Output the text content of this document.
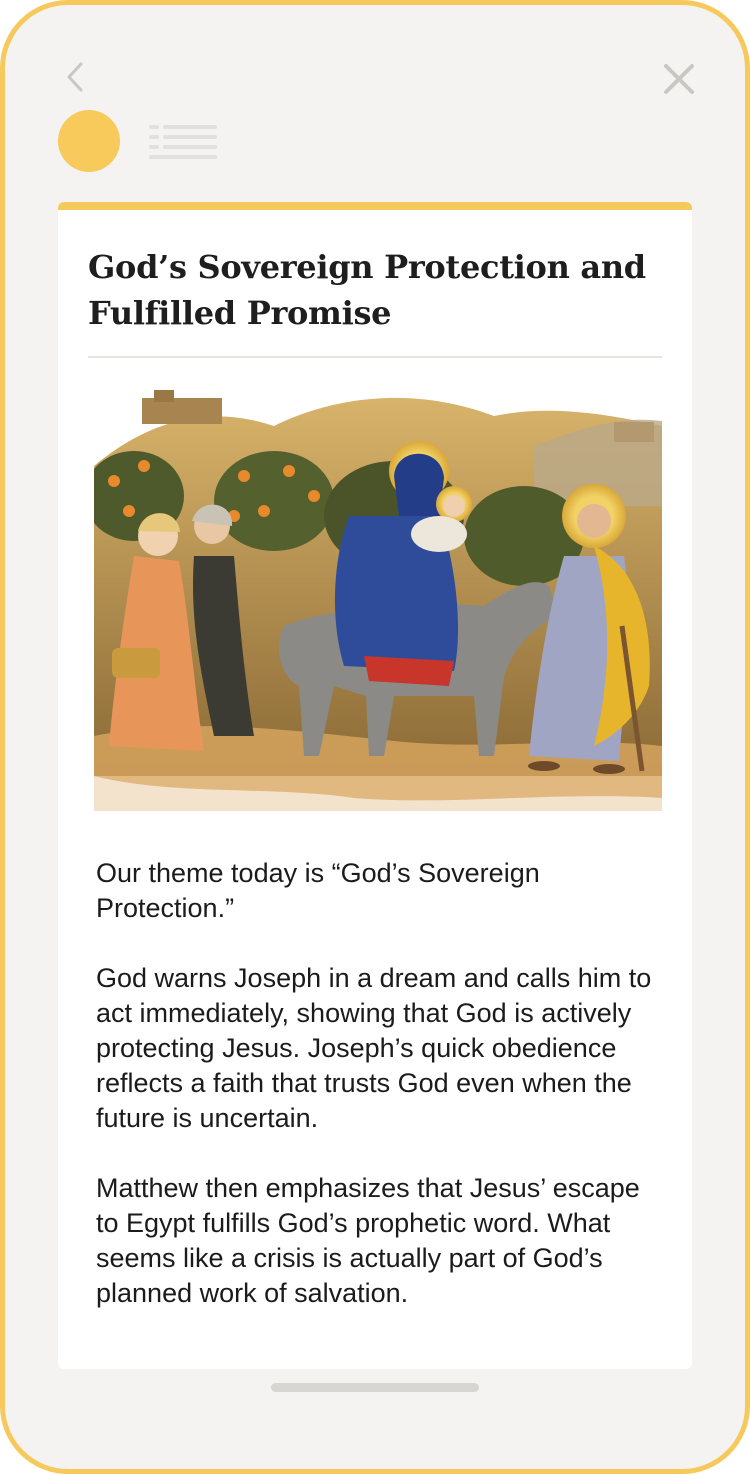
God’s Sovereign Protection and Fulfilled Promise

Our theme today is “God’s Sovereign Protection.”

God warns Joseph in a dream and calls him to act immediately, showing that God is actively protecting Jesus. Joseph’s quick obedience reflects a faith that trusts God even when the future is uncertain.

Matthew then emphasizes that Jesus’ escape to Egypt fulfills God’s prophetic word. What seems like a crisis is actually part of God’s planned work of salvation.
